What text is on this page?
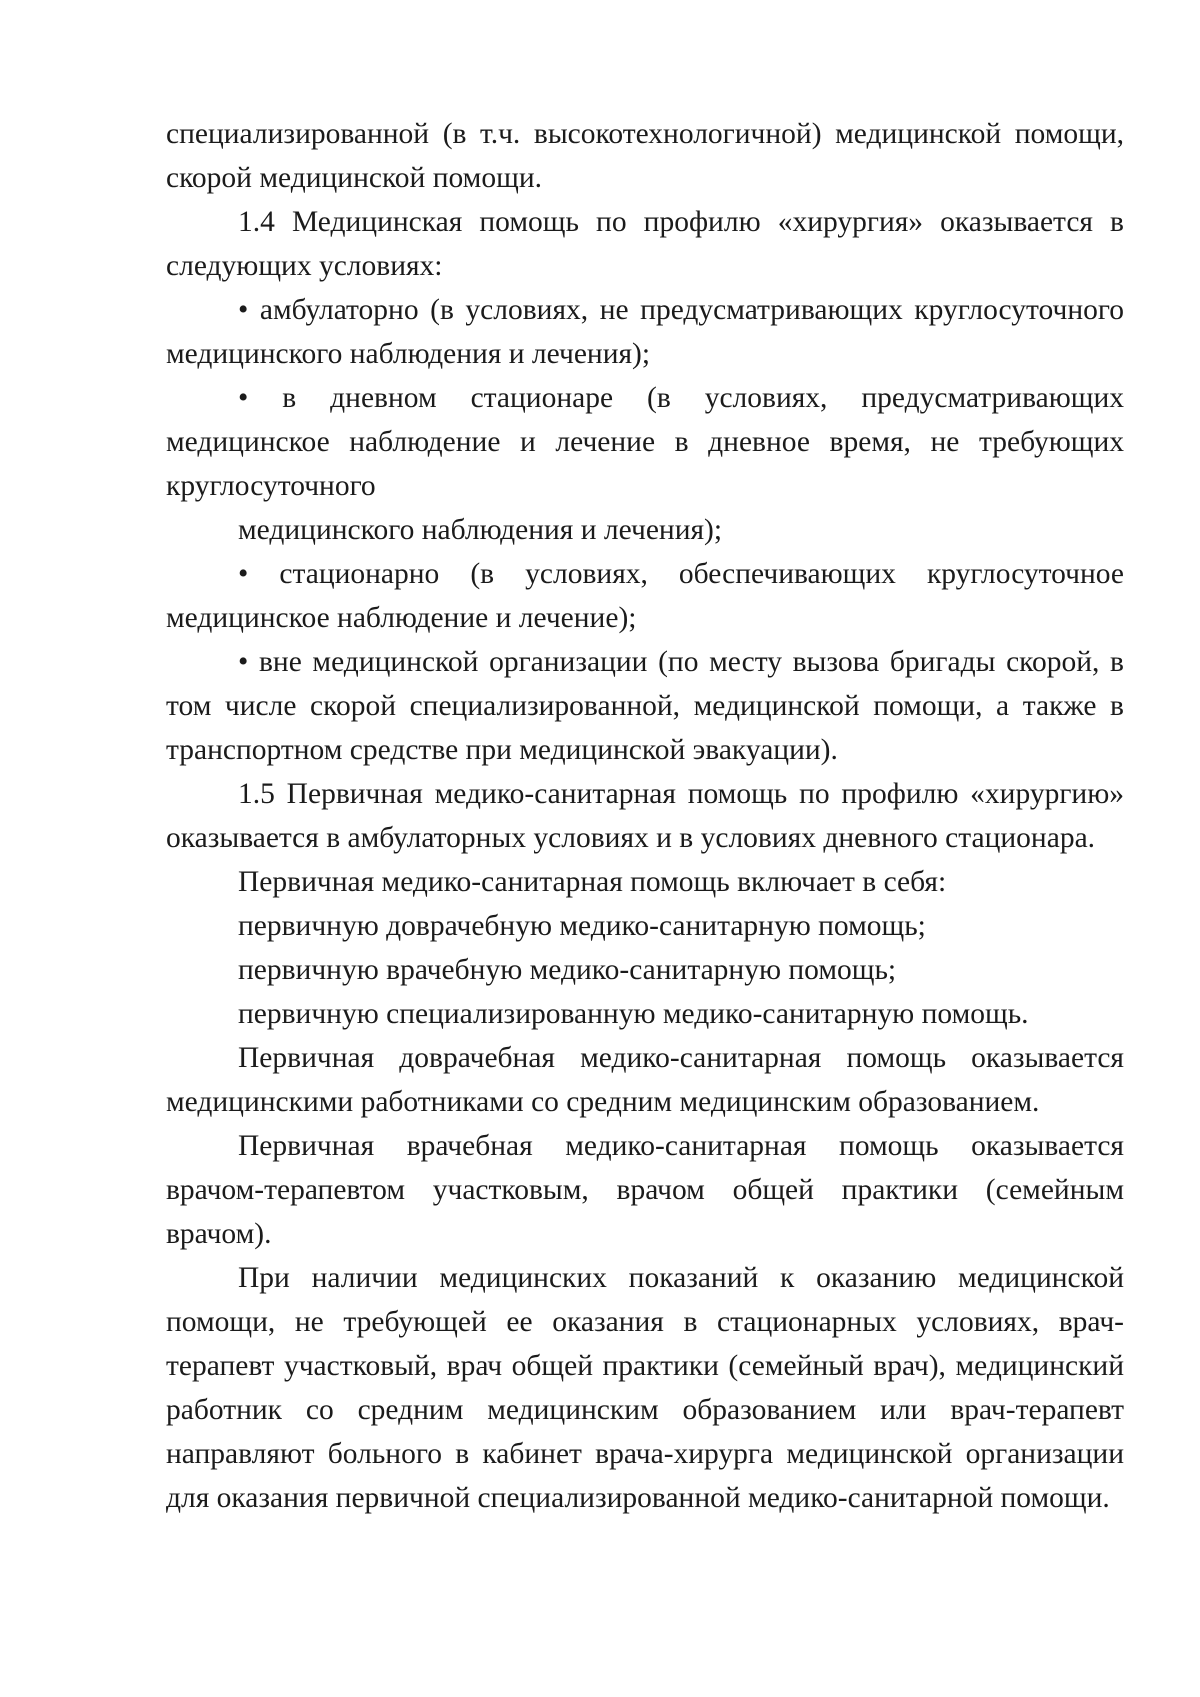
специализированной (в т.ч. высокотехнологичной) медицинской помощи, скорой медицинской помощи.

1.4 Медицинская помощь по профилю «хирургия» оказывается в следующих условиях:

• амбулаторно (в условиях, не предусматривающих круглосуточного медицинского наблюдения и лечения);

• в дневном стационаре (в условиях, предусматривающих медицинское наблюдение и лечение в дневное время, не требующих круглосуточного

медицинского наблюдения и лечения);

• стационарно (в условиях, обеспечивающих круглосуточное медицинское наблюдение и лечение);

• вне медицинской организации (по месту вызова бригады скорой, в том числе скорой специализированной, медицинской помощи, а также в транспортном средстве при медицинской эвакуации).

1.5 Первичная медико-санитарная помощь по профилю «хирургию» оказывается в амбулаторных условиях и в условиях дневного стационара.

Первичная медико-санитарная помощь включает в себя:

первичную доврачебную медико-санитарную помощь;

первичную врачебную медико-санитарную помощь;

первичную специализированную медико-санитарную помощь.

Первичная доврачебная медико-санитарная помощь оказывается медицинскими работниками со средним медицинским образованием.

Первичная врачебная медико-санитарная помощь оказывается врачом-терапевтом участковым, врачом общей практики (семейным врачом).

При наличии медицинских показаний к оказанию медицинской помощи, не требующей ее оказания в стационарных условиях, врач-терапевт участковый, врач общей практики (семейный врач), медицинский работник со средним медицинским образованием или врач-терапевт направляют больного в кабинет врача-хирурга медицинской организации для оказания первичной специализированной медико-санитарной помощи.
